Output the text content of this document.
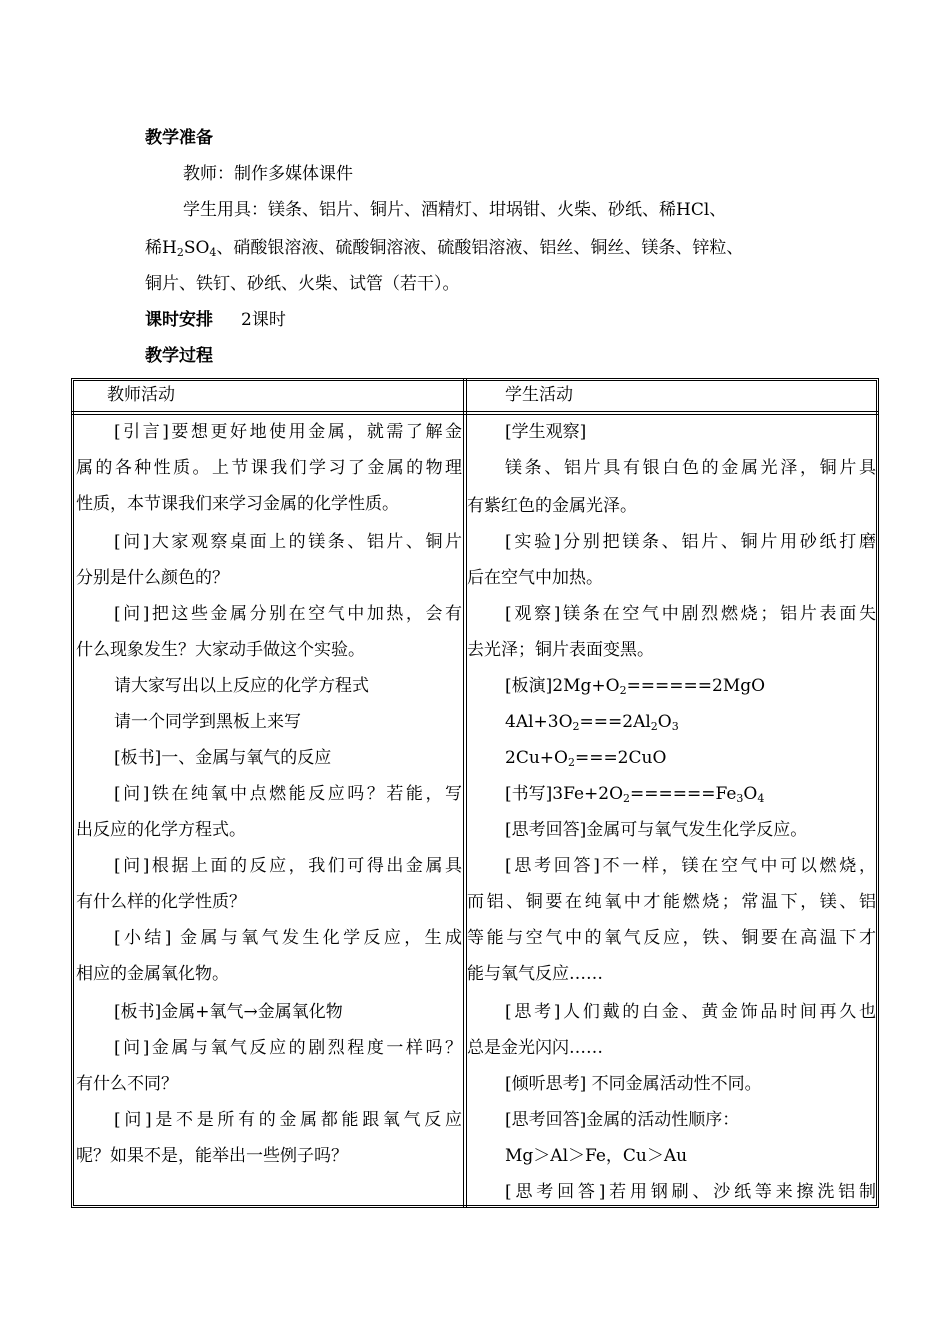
教学准备
教师：制作多媒体课件
学生用具：镁条、铝片、铜片、酒精灯、坩埚钳、火柴、砂纸、稀HCl、
稀$H_2SO_4$、硝酸银溶液、硫酸铜溶液、硫酸铝溶液、铝丝、铜丝、镁条、锌粒、
铜片、铁钉、砂纸、火柴、试管（若干）。
课时安排 2课时
教学过程
教师活动	学生活动
[引言]要想更好地使用金属，就需了解金
属的各种性质。上节课我们学习了金属的物理
性质，本节课我们来学习金属的化学性质。
[问]大家观察桌面上的镁条、铝片、铜片
分别是什么颜色的？
[问]把这些金属分别在空气中加热，会有
什么现象发生？大家动手做这个实验。
请大家写出以上反应的化学方程式
请一个同学到黑板上来写
[板书]一、金属与氧气的反应
[问]铁在纯氧中点燃能反应吗？若能，写
出反应的化学方程式。
[问]根据上面的反应，我们可得出金属具
有什么样的化学性质？
[小结] 金属与氧气发生化学反应，生成
相应的金属氧化物。
[板书]金属+氧气→金属氧化物
[问]金属与氧气反应的剧烈程度一样吗？
有什么不同？
[问]是不是所有的金属都能跟氧气反应
呢？如果不是，能举出一些例子吗？
[学生观察]
镁条、铝片具有银白色的金属光泽，铜片具
有紫红色的金属光泽。
[实验]分别把镁条、铝片、铜片用砂纸打磨
后在空气中加热。
[观察]镁条在空气中剧烈燃烧；铝片表面失
去光泽；铜片表面变黑。
[板演]$2Mg+O_2======2MgO$
$4Al+3O_2===2Al_2O_3$
$2Cu+O_2===2CuO$
[书写]$3Fe+2O_2======Fe_3O_4$
[思考回答]金属可与氧气发生化学反应。
[思考回答]不一样，镁在空气中可以燃烧，
而铝、铜要在纯氧中才能燃烧；常温下，镁、铝
等能与空气中的氧气反应，铁、铜要在高温下才
能与氧气反应……
[思考]人们戴的白金、黄金饰品时间再久也
总是金光闪闪……
[倾听思考] 不同金属活动性不同。
[思考回答]金属的活动性顺序：
Mg＞Al＞Fe，Cu＞Au
[思考回答]若用钢刷、沙纸等来擦洗铝制
